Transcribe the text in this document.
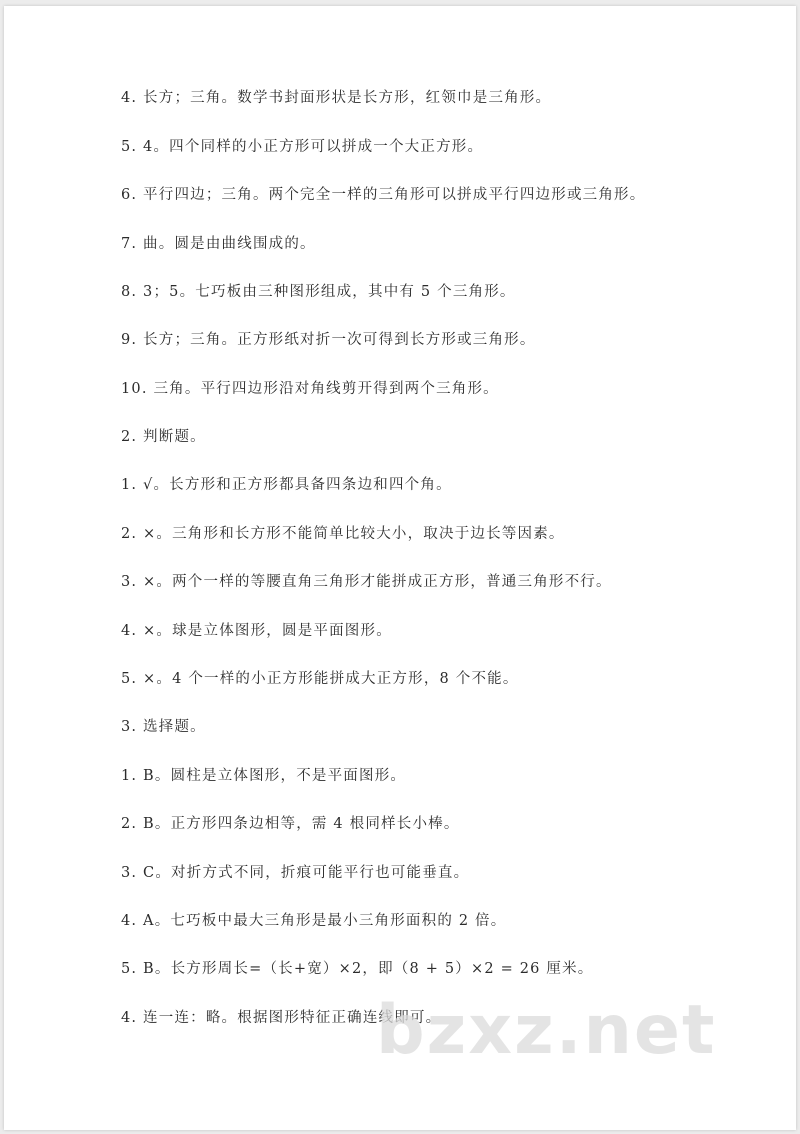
4. 长方；三角。数学书封面形状是长方形，红领巾是三角形。
5. 4。四个同样的小正方形可以拼成一个大正方形。
6. 平行四边；三角。两个完全一样的三角形可以拼成平行四边形或三角形。
7. 曲。圆是由曲线围成的。
8. 3；5。七巧板由三种图形组成，其中有 5 个三角形。
9. 长方；三角。正方形纸对折一次可得到长方形或三角形。
10. 三角。平行四边形沿对角线剪开得到两个三角形。
2. 判断题。
1. √。长方形和正方形都具备四条边和四个角。
2. ×。三角形和长方形不能简单比较大小，取决于边长等因素。
3. ×。两个一样的等腰直角三角形才能拼成正方形，普通三角形不行。
4. ×。球是立体图形，圆是平面图形。
5. ×。4 个一样的小正方形能拼成大正方形，8 个不能。
3. 选择题。
1. B。圆柱是立体图形，不是平面图形。
2. B。正方形四条边相等，需 4 根同样长小棒。
3. C。对折方式不同，折痕可能平行也可能垂直。
4. A。七巧板中最大三角形是最小三角形面积的 2 倍。
5. B。长方形周长=（长+宽）×2，即（8 + 5）×2 = 26 厘米。
4. 连一连：略。根据图形特征正确连线即可。
bzxz.net
